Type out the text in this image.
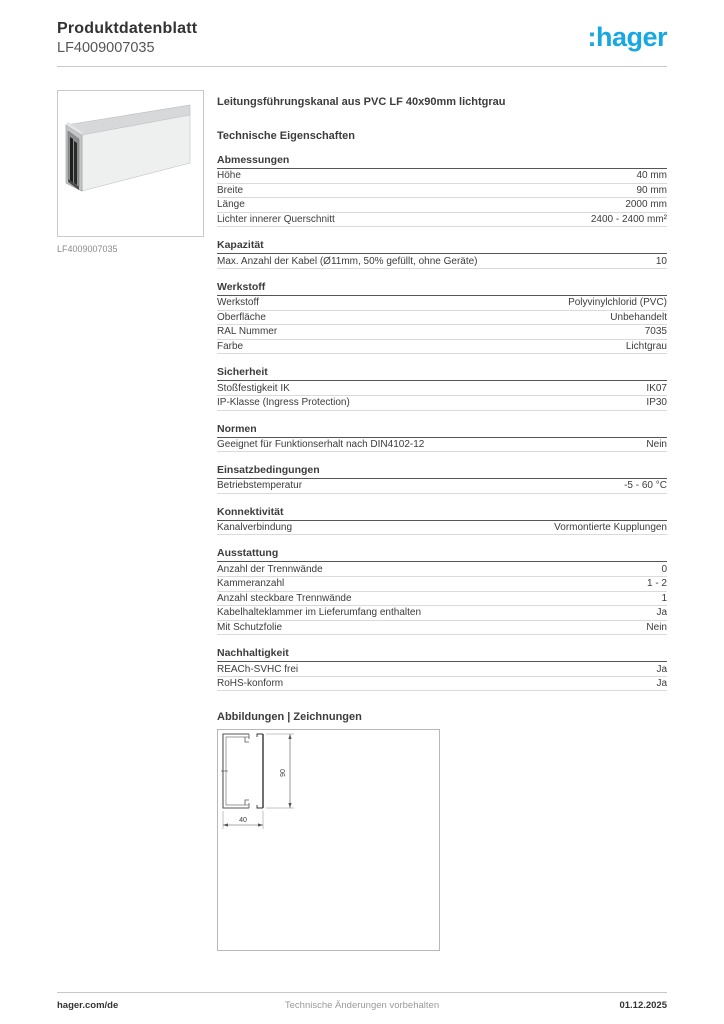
Produktdatenblatt
LF4009007035	:hager
LF4009007035
Leitungsführungskanal aus PVC LF 40x90mm lichtgrau
Technische Eigenschaften
Abmessungen
Höhe	40 mm
Breite	90 mm
Länge	2000 mm
Lichter innerer Querschnitt	2400 - 2400 mm²
Kapazität
Max. Anzahl der Kabel (Ø11mm, 50% gefüllt, ohne Geräte)	10
Werkstoff
Werkstoff	Polyvinylchlorid (PVC)
Oberfläche	Unbehandelt
RAL Nummer	7035
Farbe	Lichtgrau
Sicherheit
Stoßfestigkeit IK	IK07
IP-Klasse (Ingress Protection)	IP30
Normen
Geeignet für Funktionserhalt nach DIN4102-12	Nein
Einsatzbedingungen
Betriebstemperatur	-5 - 60 °C
Konnektivität
Kanalverbindung	Vormontierte Kupplungen
Ausstattung
Anzahl der Trennwände	0
Kammeranzahl	1 - 2
Anzahl steckbare Trennwände	1
Kabelhalteklammer im Lieferumfang enthalten	Ja
Mit Schutzfolie	Nein
Nachhaltigkeit
REACh-SVHC frei	Ja
RoHS-konform	Ja
Abbildungen | Zeichnungen
90
40
hager.com/de	Technische Änderungen vorbehalten	01.12.2025
